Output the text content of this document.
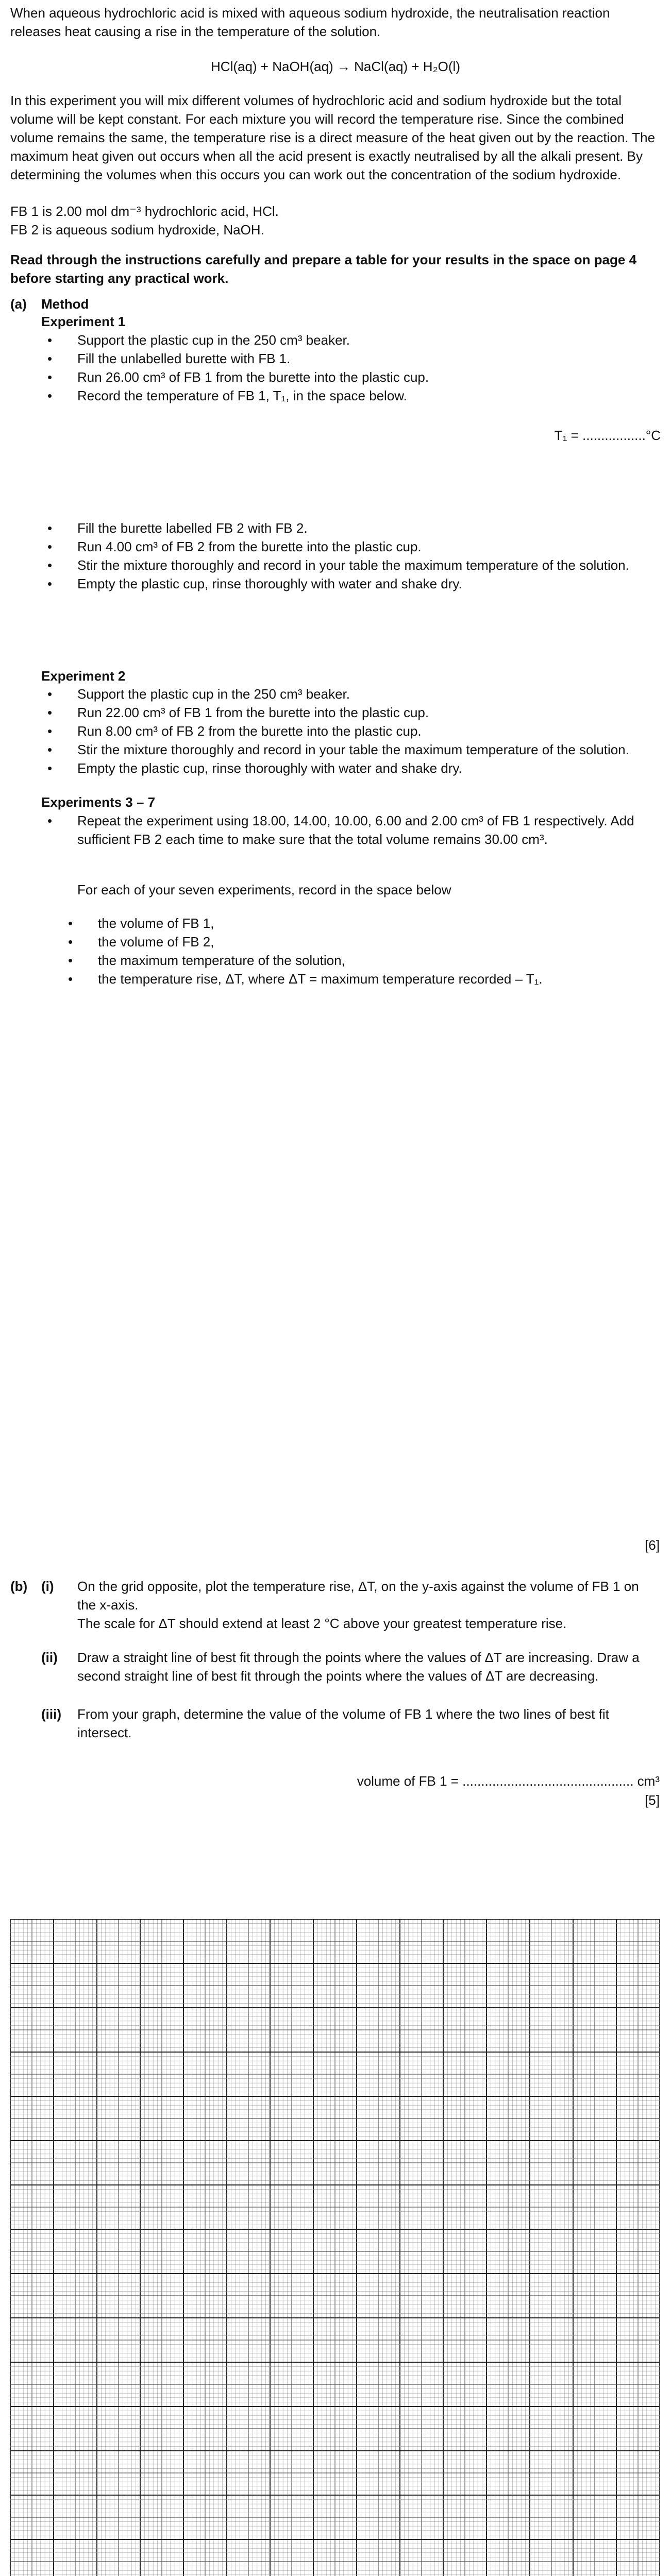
When aqueous hydrochloric acid is mixed with aqueous sodium hydroxide, the neutralisation reaction releases heat causing a rise in the temperature of the solution.

HCl(aq) + NaOH(aq) → NaCl(aq) + H₂O(l)

In this experiment you will mix different volumes of hydrochloric acid and sodium hydroxide but the total volume will be kept constant. For each mixture you will record the temperature rise. Since the combined volume remains the same, the temperature rise is a direct measure of the heat given out by the reaction. The maximum heat given out occurs when all the acid present is exactly neutralised by all the alkali present. By determining the volumes when this occurs you can work out the concentration of the sodium hydroxide.

FB 1 is 2.00 mol dm⁻³ hydrochloric acid, HCl.

FB 2 is aqueous sodium hydroxide, NaOH.

Read through the instructions carefully and prepare a table for your results in the space on page 4 before starting any practical work.

(a) Method
Experiment 1
• Support the plastic cup in the 250 cm³ beaker.
• Fill the unlabelled burette with FB 1.
• Run 26.00 cm³ of FB 1 from the burette into the plastic cup.
• Record the temperature of FB 1, T₁, in the space below.
T₁ = .................°C
• Fill the burette labelled FB 2 with FB 2.
• Run 4.00 cm³ of FB 2 from the burette into the plastic cup.
• Stir the mixture thoroughly and record in your table the maximum temperature of the solution.
• Empty the plastic cup, rinse thoroughly with water and shake dry.
Experiment 2
• Support the plastic cup in the 250 cm³ beaker.
• Run 22.00 cm³ of FB 1 from the burette into the plastic cup.
• Run 8.00 cm³ of FB 2 from the burette into the plastic cup.
• Stir the mixture thoroughly and record in your table the maximum temperature of the solution.
• Empty the plastic cup, rinse thoroughly with water and shake dry.
Experiments 3 – 7
• Repeat the experiment using 18.00, 14.00, 10.00, 6.00 and 2.00 cm³ of FB 1 respectively. Add sufficient FB 2 each time to make sure that the total volume remains 30.00 cm³.

For each of your seven experiments, record in the space below

• the volume of FB 1,
• the volume of FB 2,
• the maximum temperature of the solution,
• the temperature rise, ΔT, where ΔT = maximum temperature recorded – T₁.
[6]
(b) (i) On the grid opposite, plot the temperature rise, ΔT, on the y-axis against the volume of FB 1 on the x-axis.

The scale for ΔT should extend at least 2 °C above your greatest temperature rise.

(ii) Draw a straight line of best fit through the points where the values of ΔT are increasing. Draw a second straight line of best fit through the points where the values of ΔT are decreasing.

(iii) From your graph, determine the value of the volume of FB 1 where the two lines of best fit intersect.

volume of FB 1 = .............................................. cm³
[5]
